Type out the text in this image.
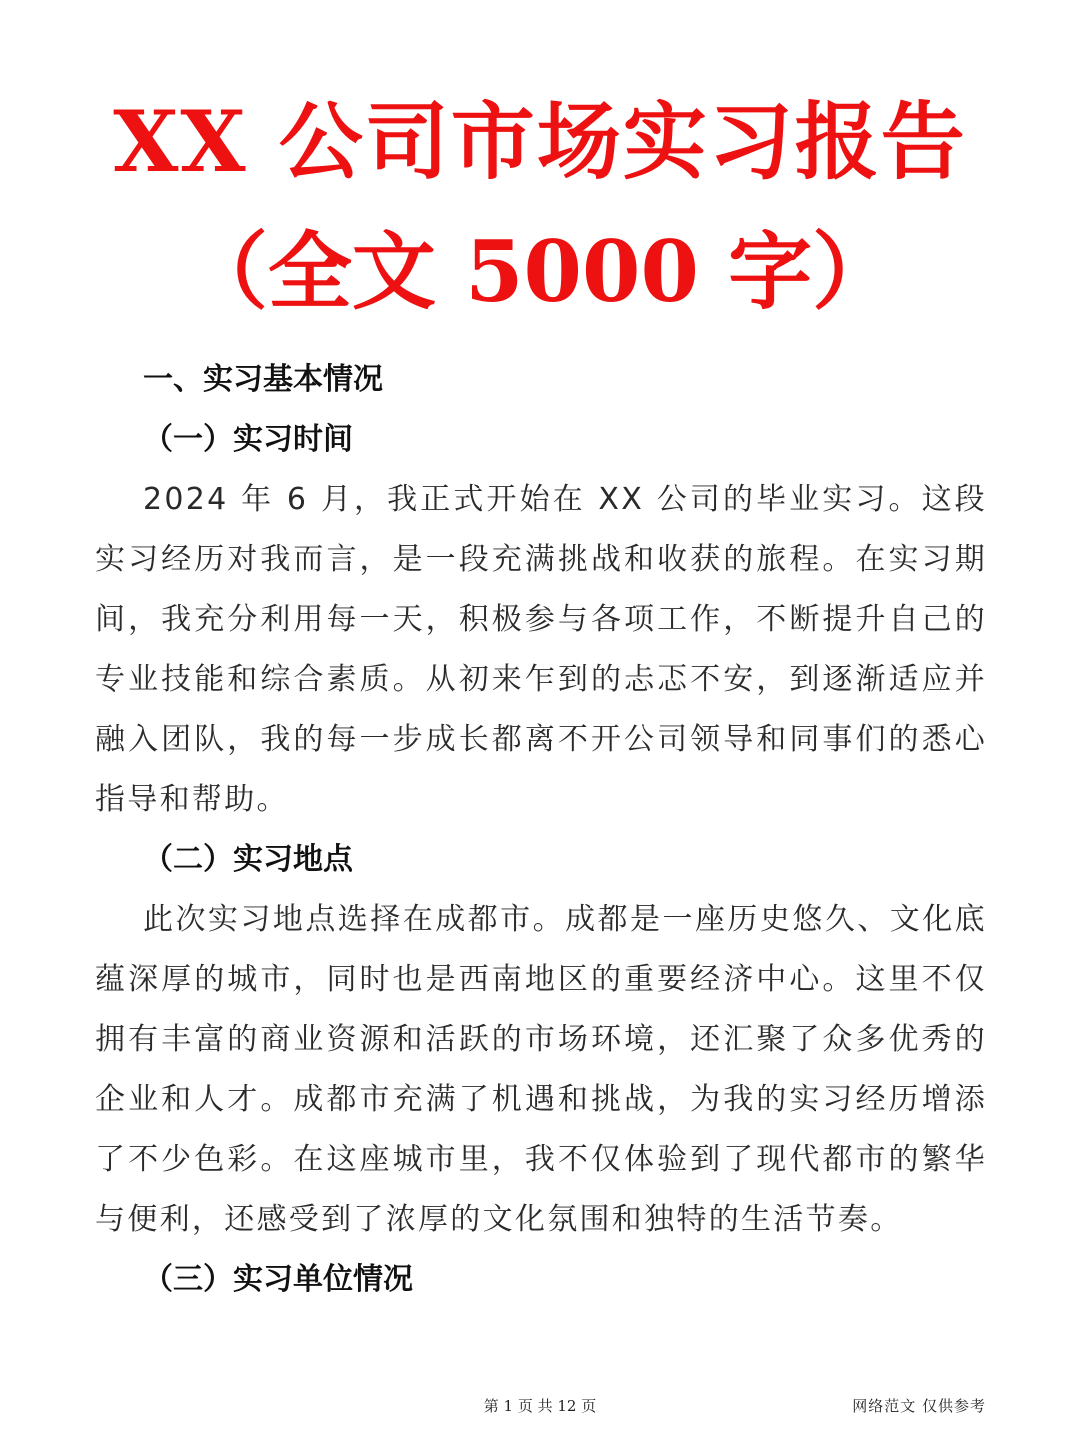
XX 公司市场实习报告
（全文 5000 字）
一、实习基本情况
（一）实习时间

2024 年 6 月，我正式开始在 XX 公司的毕业实习。这段实习经历对我而言，是一段充满挑战和收获的旅程。在实习期间，我充分利用每一天，积极参与各项工作，不断提升自己的专业技能和综合素质。从初来乍到的忐忑不安，到逐渐适应并融入团队，我的每一步成长都离不开公司领导和同事们的悉心指导和帮助。

（二）实习地点

此次实习地点选择在成都市。成都是一座历史悠久、文化底蕴深厚的城市，同时也是西南地区的重要经济中心。这里不仅拥有丰富的商业资源和活跃的市场环境，还汇聚了众多优秀的企业和人才。成都市充满了机遇和挑战，为我的实习经历增添了不少色彩。在这座城市里，我不仅体验到了现代都市的繁华与便利，还感受到了浓厚的文化氛围和独特的生活节奏。

（三）实习单位情况
第 1 页 共 12 页	网络范文 仅供参考
